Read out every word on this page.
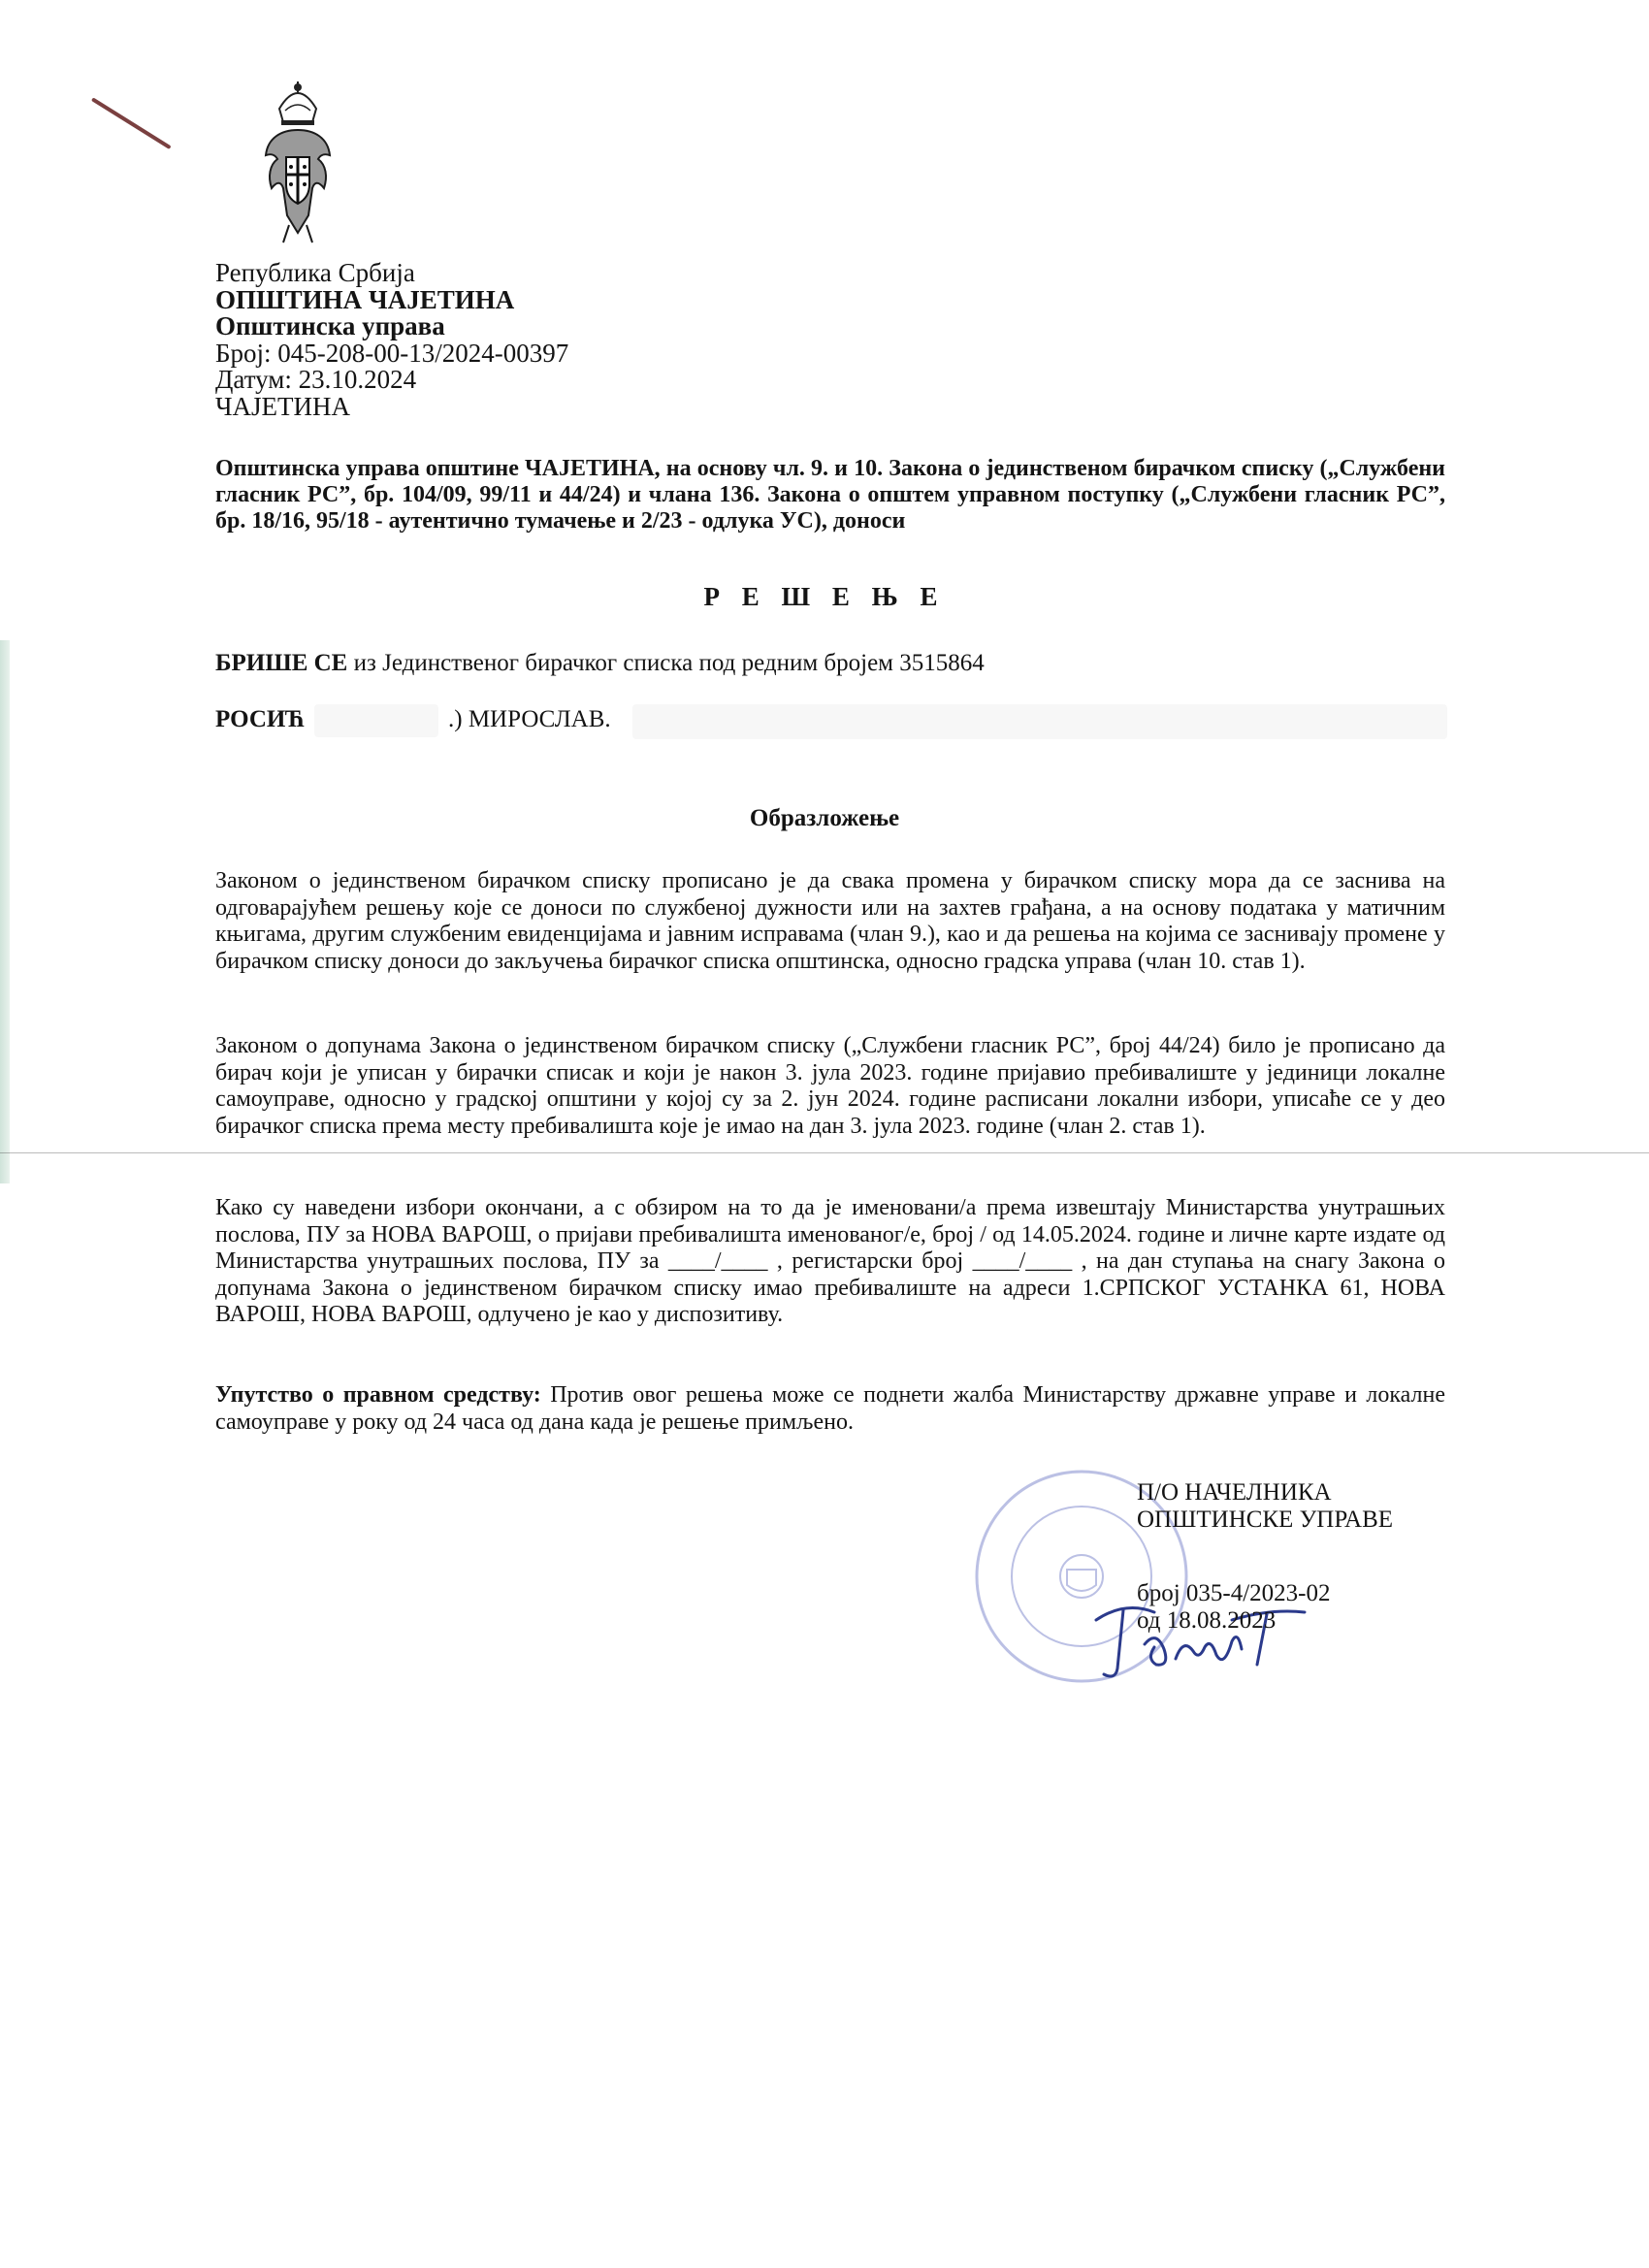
Република Србија
ОПШТИНА ЧАЈЕТИНА
Општинска управа
Број: 045-208-00-13/2024-00397
Датум: 23.10.2024
ЧАЈЕТИНА
Општинска управа општине ЧАЈЕТИНА, на основу чл. 9. и 10. Закона о јединственом бирачком списку („Службени гласник РС”, бр. 104/09, 99/11 и 44/24) и члана 136. Закона о општем управном поступку („Службени гласник РС”, бр. 18/16, 95/18 - аутентично тумачење и 2/23 - одлука УС), доноси
Р Е Ш Е Њ Е
БРИШЕ СЕ из Јединственог бирачког списка под редним бројем 3515864
РОСИЋ	.) МИРОСЛАВ.
Образложење
Законом о јединственом бирачком списку прописано је да свака промена у бирачком списку мора да се заснива на одговарајућем решењу које се доноси по службеној дужности или на захтев грађана, а на основу података у матичним књигама, другим службеним евиденцијама и јавним исправама (члан 9.), као и да решења на којима се заснивају промене у бирачком списку доноси до закључења бирачког списка општинска, односно градска управа (члан 10. став 1).
Законом о допунама Закона о јединственом бирачком списку („Службени гласник РС”, број 44/24) било је прописано да бирач који је уписан у бирачки списак и који је након 3. јула 2023. године пријавио пребивалиште у јединици локалне самоуправе, односно у градској општини у којој су за 2. јун 2024. године расписани локални избори, уписаће се у део бирачког списка према месту пребивалишта које је имао на дан 3. јула 2023. године (члан 2. став 1).
Како су наведени избори окончани, а с обзиром на то да је именовани/а према извештају Министарства унутрашњих послова, ПУ за НОВА ВАРОШ, о пријави пребивалишта именованог/е, број / од 14.05.2024. године и личне карте издате од Министарства унутрашњих послова, ПУ за ____/____ , регистарски број ____/____ , на дан ступања на снагу Закона о допунама Закона о јединственом бирачком списку имао пребивалиште на адреси 1.СРПСКОГ УСТАНКА 61, НОВА ВАРОШ, НОВА ВАРОШ, одлучено је као у диспозитиву.
Упутство о правном средству: Против овог решења може се поднети жалба Министарству државне управе и локалне самоуправе у року од 24 часа од дана када је решење примљено.
П/О НАЧЕЛНИКА
ОПШТИНСКЕ УПРАВЕ
број 035-4/2023-02
од 18.08.2023
